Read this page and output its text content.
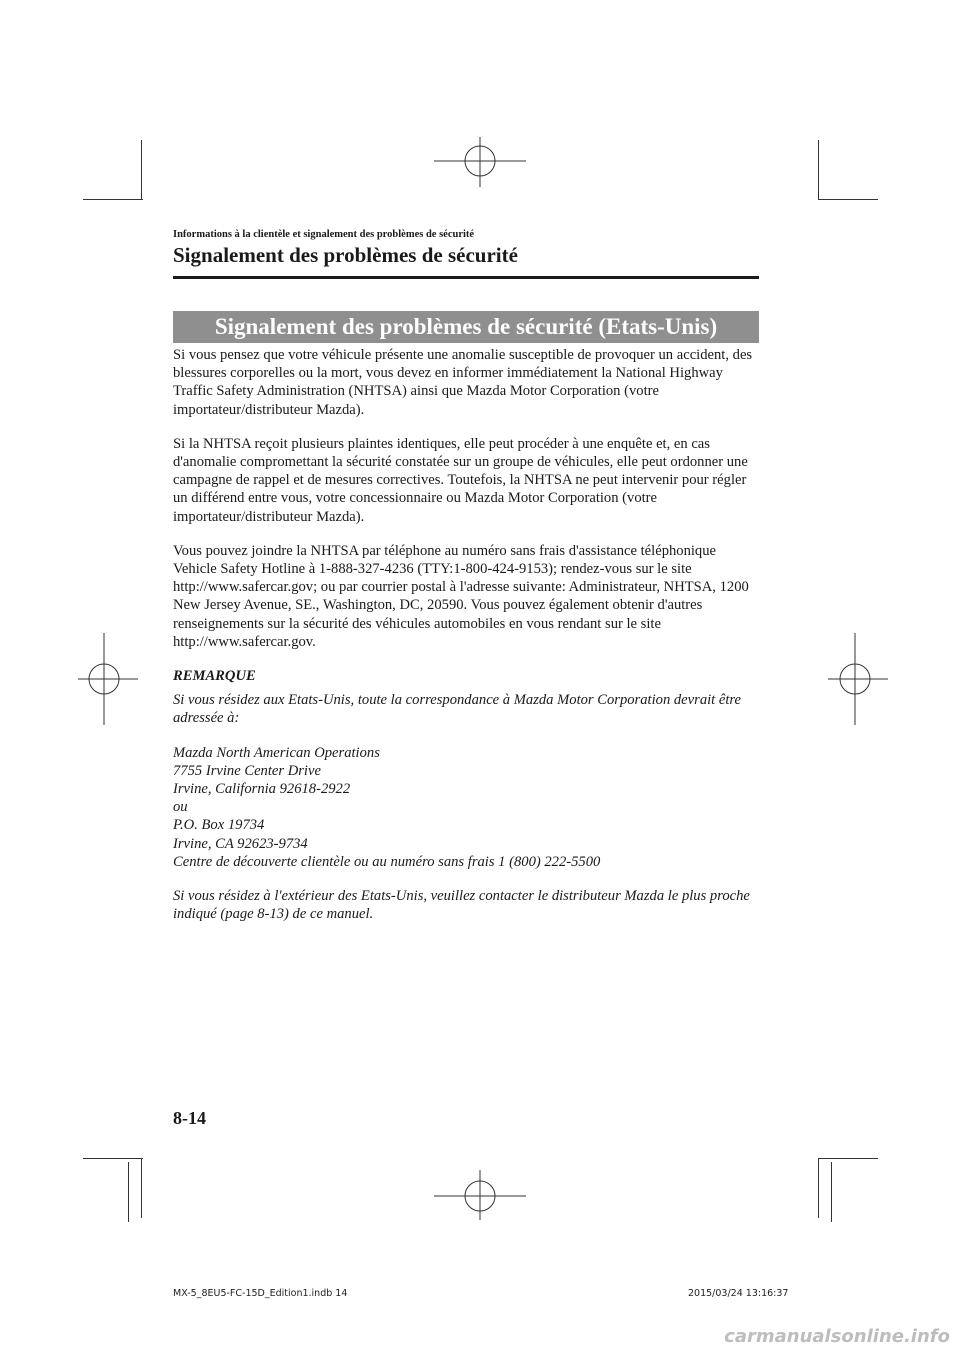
Informations à la clientèle et signalement des problèmes de sécurité
Signalement des problèmes de sécurité
Signalement des problèmes de sécurité (Etats-Unis)

Si vous pensez que votre véhicule présente une anomalie susceptible de provoquer un accident, des blessures corporelles ou la mort, vous devez en informer immédiatement la National Highway Traffic Safety Administration (NHTSA) ainsi que Mazda Motor Corporation (votre importateur/distributeur Mazda).

Si la NHTSA reçoit plusieurs plaintes identiques, elle peut procéder à une enquête et, en cas d'anomalie compromettant la sécurité constatée sur un groupe de véhicules, elle peut ordonner une campagne de rappel et de mesures correctives. Toutefois, la NHTSA ne peut intervenir pour régler un différend entre vous, votre concessionnaire ou Mazda Motor Corporation (votre importateur/distributeur Mazda).

Vous pouvez joindre la NHTSA par téléphone au numéro sans frais d'assistance téléphonique Vehicle Safety Hotline à 1-888-327-4236 (TTY:1-800-424-9153); rendez-vous sur le site http://www.safercar.gov; ou par courrier postal à l'adresse suivante: Administrateur, NHTSA, 1200 New Jersey Avenue, SE., Washington, DC, 20590. Vous pouvez également obtenir d'autres renseignements sur la sécurité des véhicules automobiles en vous rendant sur le site http://www.safercar.gov.

REMARQUE
Si vous résidez aux Etats-Unis, toute la correspondance à Mazda Motor Corporation devrait être adressée à:
Mazda North American Operations
7755 Irvine Center Drive
Irvine, California 92618-2922
ou
P.O. Box 19734
Irvine, CA 92623-9734
Centre de découverte clientèle ou au numéro sans frais 1 (800) 222-5500
Si vous résidez à l'extérieur des Etats-Unis, veuillez contacter le distributeur Mazda le plus proche indiqué (page 8-13) de ce manuel.
8-14
MX-5_8EU5-FC-15D_Edition1.indb 14	2015/03/24 13:16:37
carmanualsonline.info
